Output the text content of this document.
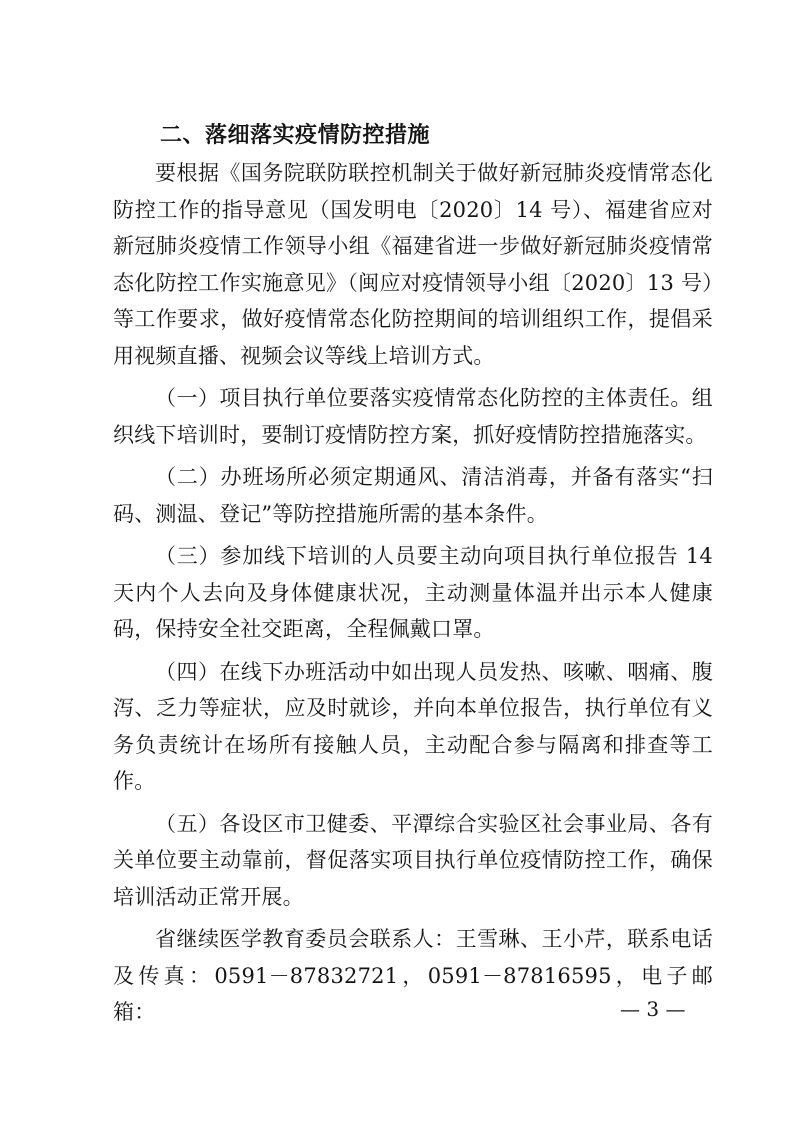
二、落细落实疫情防控措施

要根据《国务院联防联控机制关于做好新冠肺炎疫情常态化防控工作的指导意见（国发明电〔2020〕14 号）、福建省应对新冠肺炎疫情工作领导小组《福建省进一步做好新冠肺炎疫情常态化防控工作实施意见》（闽应对疫情领导小组〔2020〕13 号）等工作要求，做好疫情常态化防控期间的培训组织工作，提倡采用视频直播、视频会议等线上培训方式。

（一）项目执行单位要落实疫情常态化防控的主体责任。组织线下培训时，要制订疫情防控方案，抓好疫情防控措施落实。

（二）办班场所必须定期通风、清洁消毒，并备有落实“扫码、测温、登记”等防控措施所需的基本条件。

（三）参加线下培训的人员要主动向项目执行单位报告 14 天内个人去向及身体健康状况，主动测量体温并出示本人健康码，保持安全社交距离，全程佩戴口罩。

（四）在线下办班活动中如出现人员发热、咳嗽、咽痛、腹泻、乏力等症状，应及时就诊，并向本单位报告，执行单位有义务负责统计在场所有接触人员，主动配合参与隔离和排查等工作。

（五）各设区市卫健委、平潭综合实验区社会事业局、各有关单位要主动靠前，督促落实项目执行单位疫情防控工作，确保培训活动正常开展。

省继续医学教育委员会联系人：王雪琳、王小芹，联系电话及传真：0591－87832721，0591－87816595，电子邮箱：	— 3 —
